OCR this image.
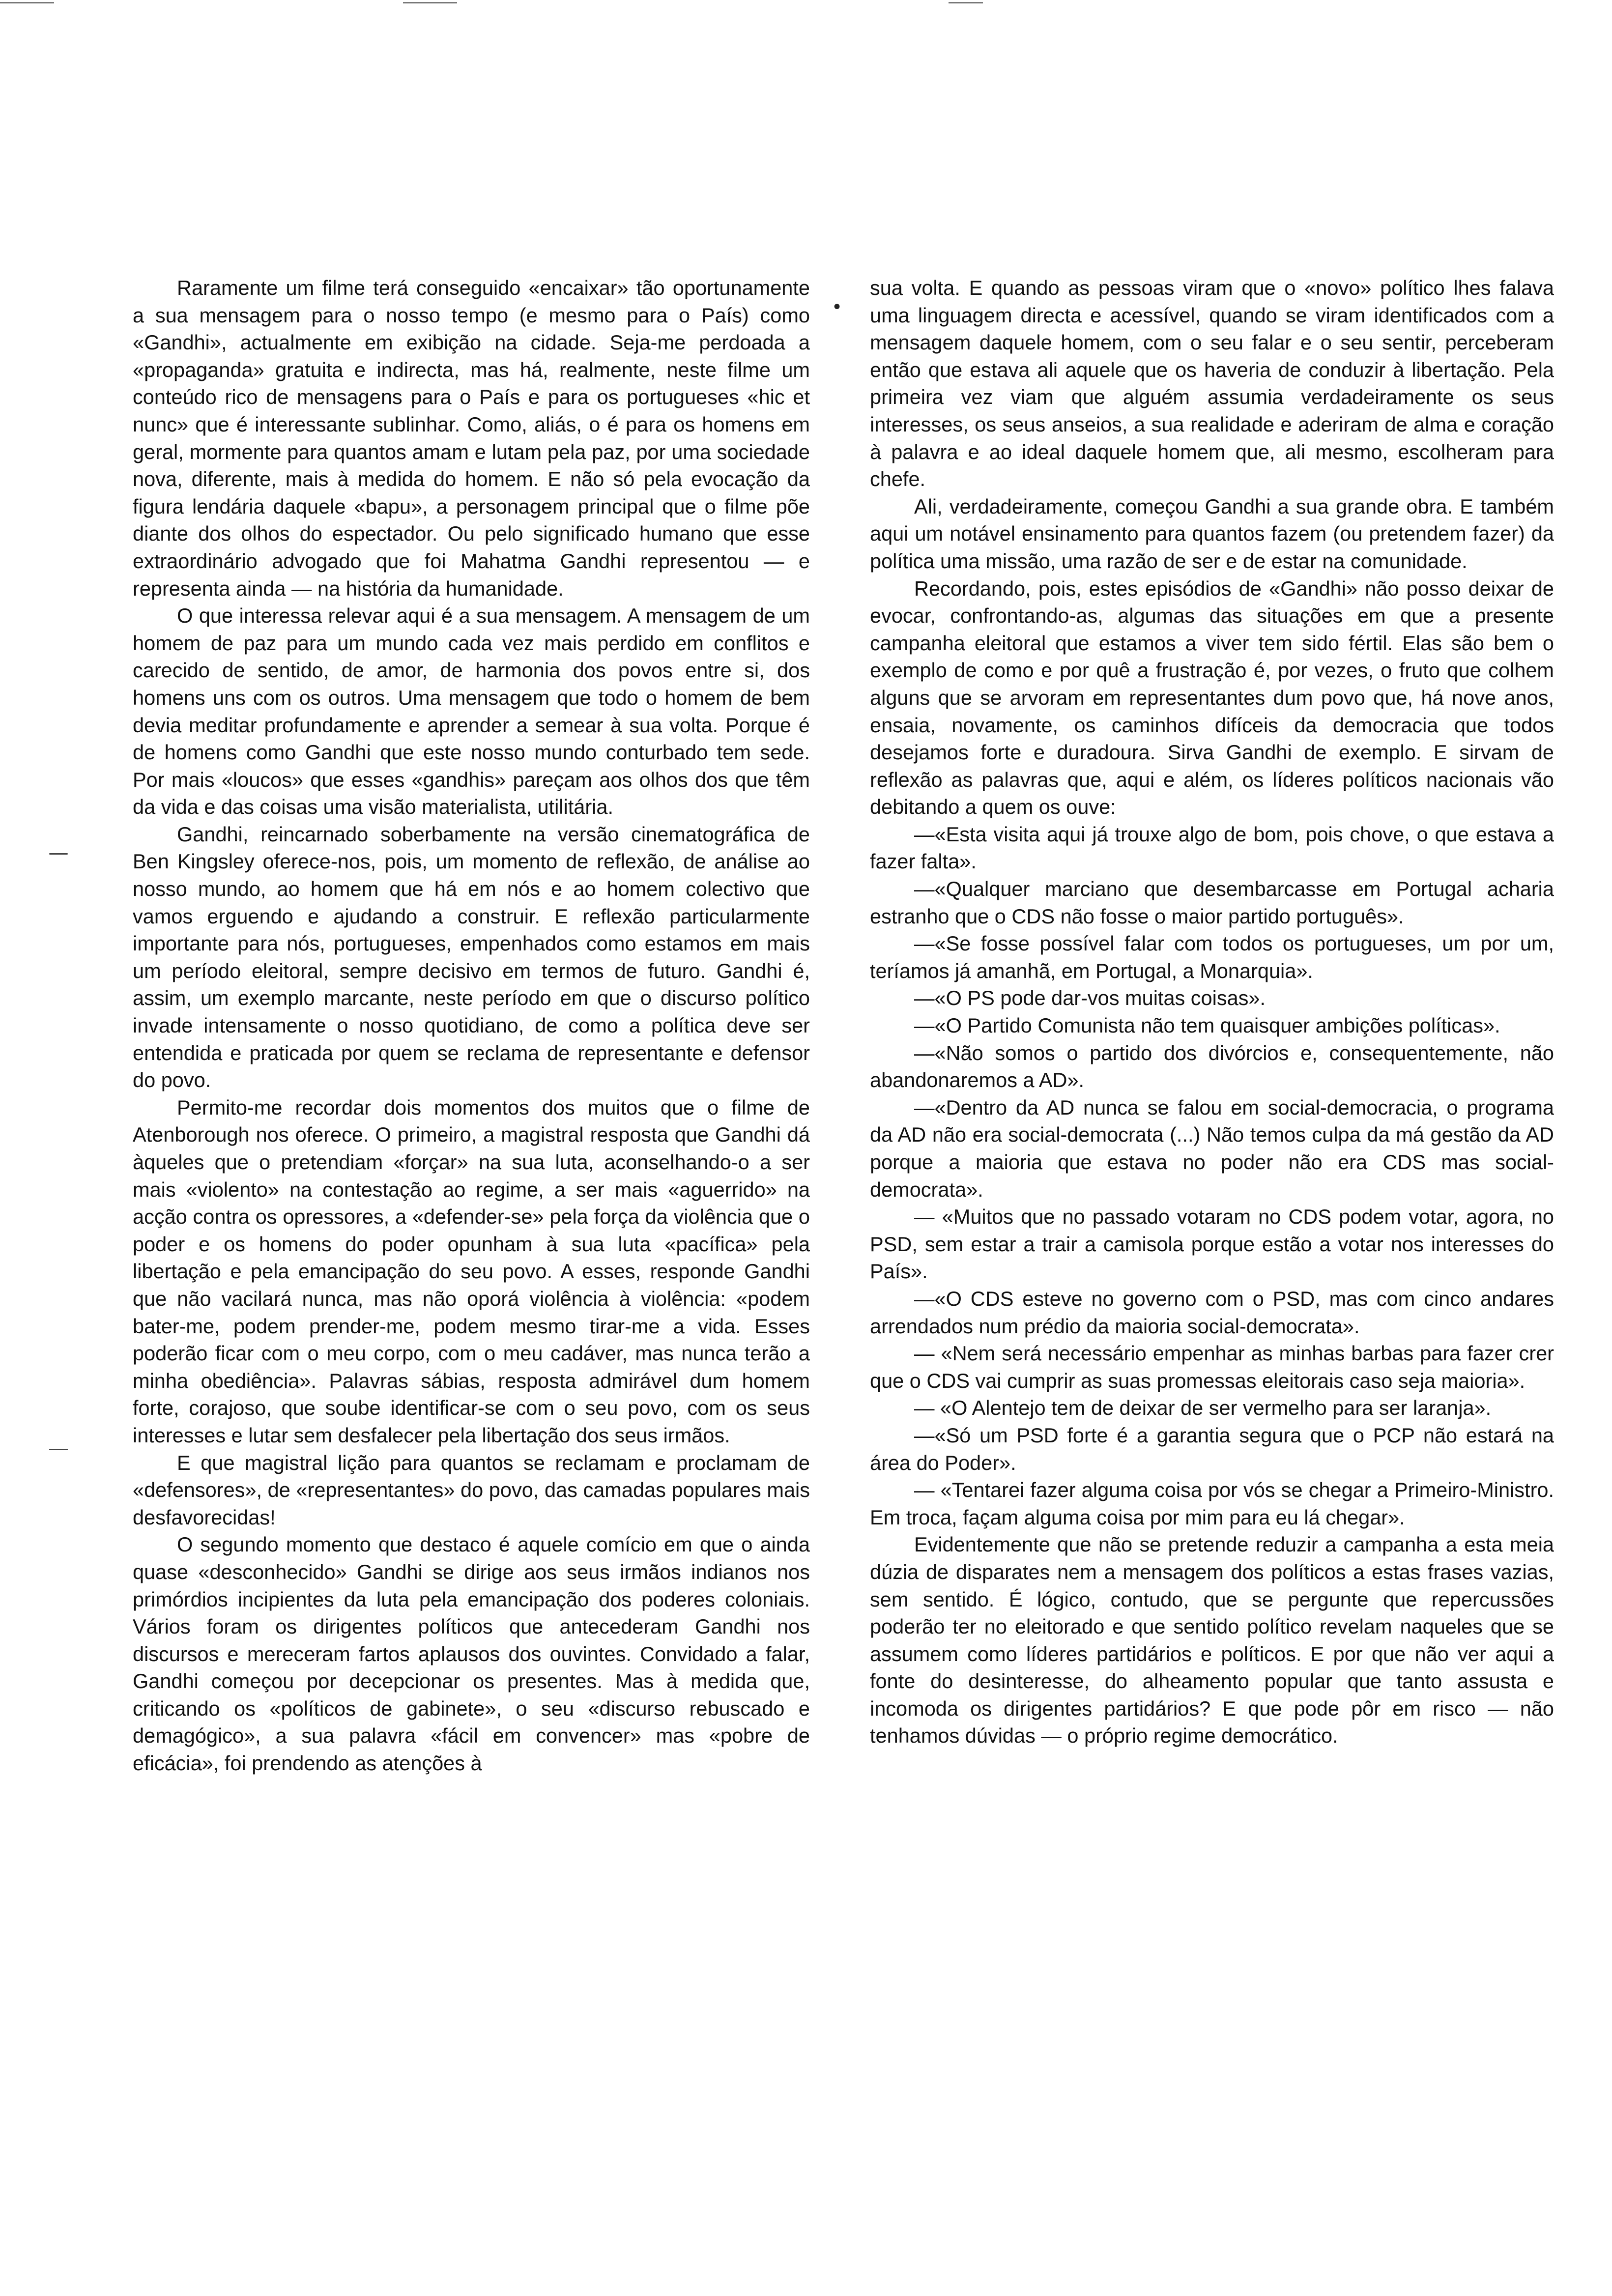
•

Raramente um filme terá conseguido «encaixar» tão oportunamente a sua mensagem para o nosso tempo (e mesmo para o País) como «Gandhi», actualmente em exibição na cidade. Seja-me perdoada a «propaganda» gratuita e indirecta, mas há, realmente, neste filme um conteúdo rico de mensagens para o País e para os portugueses «hic et nunc» que é interessante sublinhar. Como, aliás, o é para os homens em geral, mormente para quantos amam e lutam pela paz, por uma sociedade nova, diferente, mais à medida do homem. E não só pela evocação da figura lendária daquele «bapu», a personagem principal que o filme põe diante dos olhos do espectador. Ou pelo significado humano que esse extraordinário advogado que foi Mahatma Gandhi representou — e representa ainda — na história da humanidade.

O que interessa relevar aqui é a sua mensagem. A mensagem de um homem de paz para um mundo cada vez mais perdido em conflitos e carecido de sentido, de amor, de harmonia dos povos entre si, dos homens uns com os outros. Uma mensagem que todo o homem de bem devia meditar profundamente e aprender a semear à sua volta. Porque é de homens como Gandhi que este nosso mundo conturbado tem sede. Por mais «loucos» que esses «gandhis» pareçam aos olhos dos que têm da vida e das coisas uma visão materialista, utilitária.

Gandhi, reincarnado soberbamente na versão cinematográfica de Ben Kingsley oferece-nos, pois, um momento de reflexão, de análise ao nosso mundo, ao homem que há em nós e ao homem colectivo que vamos erguendo e ajudando a construir. E reflexão particularmente importante para nós, portugueses, empenhados como estamos em mais um período eleitoral, sempre decisivo em termos de futuro. Gandhi é, assim, um exemplo marcante, neste período em que o discurso político invade intensamente o nosso quotidiano, de como a política deve ser entendida e praticada por quem se reclama de representante e defensor do povo.

Permito-me recordar dois momentos dos muitos que o filme de Atenborough nos oferece. O primeiro, a magistral resposta que Gandhi dá àqueles que o pretendiam «forçar» na sua luta, aconselhando-o a ser mais «violento» na contestação ao regime, a ser mais «aguerrido» na acção contra os opressores, a «defender-se» pela força da violência que o poder e os homens do poder opunham à sua luta «pacífica» pela libertação e pela emancipação do seu povo. A esses, responde Gandhi que não vacilará nunca, mas não oporá violência à violência: «podem bater-me, podem prender-me, podem mesmo tirar-me a vida. Esses poderão ficar com o meu corpo, com o meu cadáver, mas nunca terão a minha obediência». Palavras sábias, resposta admirável dum homem forte, corajoso, que soube identificar-se com o seu povo, com os seus interesses e lutar sem desfalecer pela libertação dos seus irmãos.

E que magistral lição para quantos se reclamam e proclamam de «defensores», de «representantes» do povo, das camadas populares mais desfavorecidas!

O segundo momento que destaco é aquele comício em que o ainda quase «desconhecido» Gandhi se dirige aos seus irmãos indianos nos primórdios incipientes da luta pela emancipação dos poderes coloniais. Vários foram os dirigentes políticos que antecederam Gandhi nos discursos e mereceram fartos aplausos dos ouvintes. Convidado a falar, Gandhi começou por decepcionar os presentes. Mas à medida que, criticando os «políticos de gabinete», o seu «discurso rebuscado e demagógico», a sua palavra «fácil em convencer» mas «pobre de eficácia», foi prendendo as atenções à

sua volta. E quando as pessoas viram que o «novo» político lhes falava uma linguagem directa e acessível, quando se viram identificados com a mensagem daquele homem, com o seu falar e o seu sentir, perceberam então que estava ali aquele que os haveria de conduzir à libertação. Pela primeira vez viam que alguém assumia verdadeiramente os seus interesses, os seus anseios, a sua realidade e aderiram de alma e coração à palavra e ao ideal daquele homem que, ali mesmo, escolheram para chefe.

Ali, verdadeiramente, começou Gandhi a sua grande obra. E também aqui um notável ensinamento para quantos fazem (ou pretendem fazer) da política uma missão, uma razão de ser e de estar na comunidade.

Recordando, pois, estes episódios de «Gandhi» não posso deixar de evocar, confrontando-as, algumas das situações em que a presente campanha eleitoral que estamos a viver tem sido fértil. Elas são bem o exemplo de como e por quê a frustração é, por vezes, o fruto que colhem alguns que se arvoram em representantes dum povo que, há nove anos, ensaia, novamente, os caminhos difíceis da democracia que todos desejamos forte e duradoura. Sirva Gandhi de exemplo. E sirvam de reflexão as palavras que, aqui e além, os líderes políticos nacionais vão debitando a quem os ouve:

—«Esta visita aqui já trouxe algo de bom, pois chove, o que estava a fazer falta».

—«Qualquer marciano que desembarcasse em Portugal acharia estranho que o CDS não fosse o maior partido português».

—«Se fosse possível falar com todos os portugueses, um por um, teríamos já amanhã, em Portugal, a Monarquia».

—«O PS pode dar-vos muitas coisas».

—«O Partido Comunista não tem quaisquer ambições políticas».

—«Não somos o partido dos divórcios e, consequentemente, não abandonaremos a AD».

—«Dentro da AD nunca se falou em social-democracia, o programa da AD não era social-democrata (...) Não temos culpa da má gestão da AD porque a maioria que estava no poder não era CDS mas social-democrata».

— «Muitos que no passado votaram no CDS podem votar, agora, no PSD, sem estar a trair a camisola porque estão a votar nos interesses do País».

—«O CDS esteve no governo com o PSD, mas com cinco andares arrendados num prédio da maioria social-democrata».

— «Nem será necessário empenhar as minhas barbas para fazer crer que o CDS vai cumprir as suas promessas eleitorais caso seja maioria».

— «O Alentejo tem de deixar de ser vermelho para ser laranja».

—«Só um PSD forte é a garantia segura que o PCP não estará na área do Poder».

— «Tentarei fazer alguma coisa por vós se chegar a Primeiro-Ministro. Em troca, façam alguma coisa por mim para eu lá chegar».

Evidentemente que não se pretende reduzir a campanha a esta meia dúzia de disparates nem a mensagem dos políticos a estas frases vazias, sem sentido. É lógico, contudo, que se pergunte que repercussões poderão ter no eleitorado e que sentido político revelam naqueles que se assumem como líderes partidários e políticos. E por que não ver aqui a fonte do desinteresse, do alheamento popular que tanto assusta e incomoda os dirigentes partidários? E que pode pôr em risco — não tenhamos dúvidas — o próprio regime democrático.
